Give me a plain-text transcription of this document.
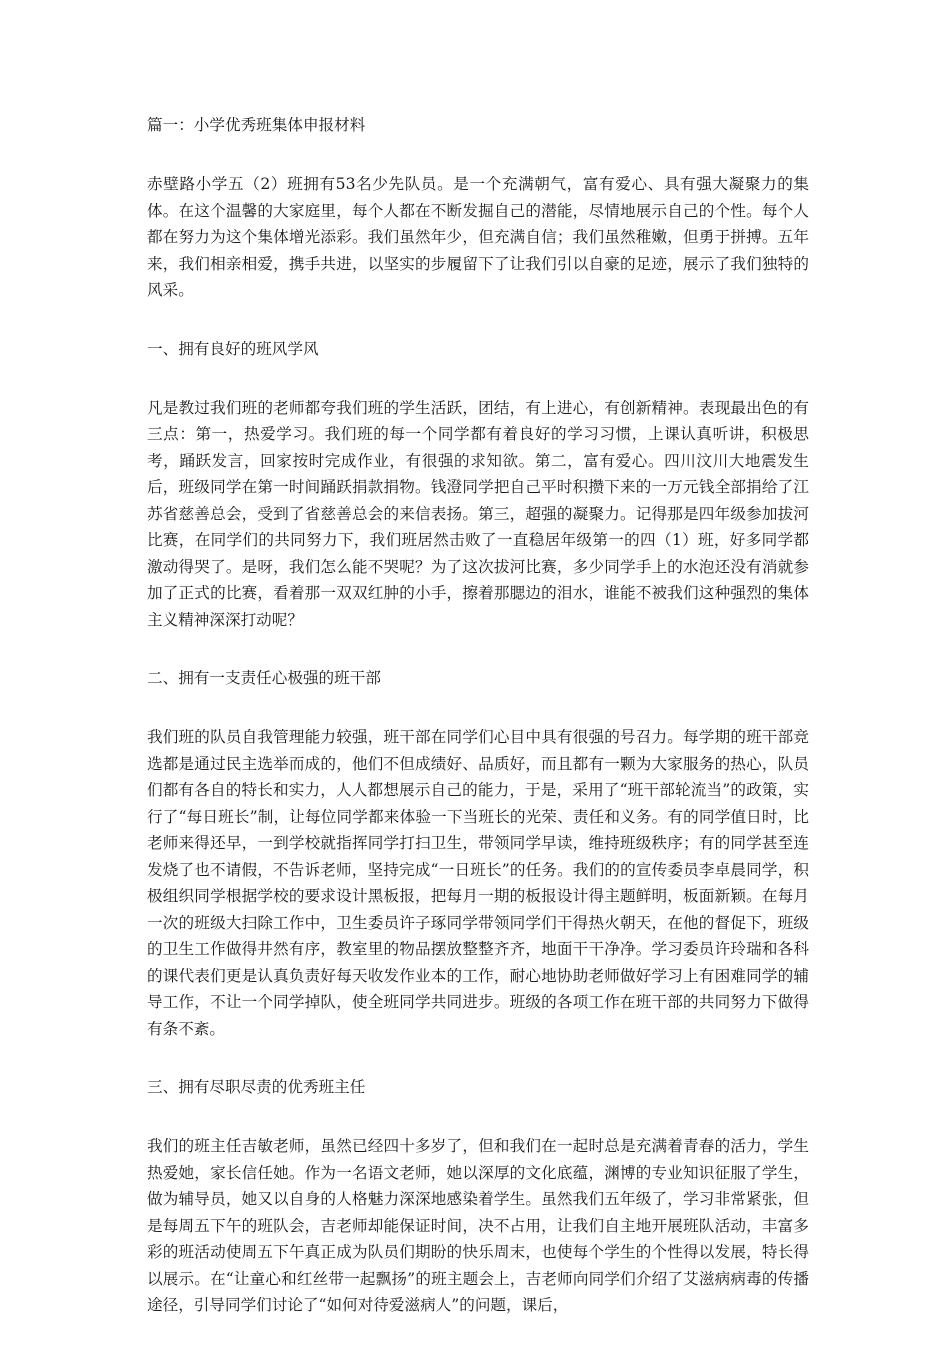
篇一：小学优秀班集体申报材料

赤壁路小学五（2）班拥有53名少先队员。是一个充满朝气，富有爱心、具有强大凝聚力的集体。在这个温馨的大家庭里，每个人都在不断发掘自己的潜能，尽情地展示自己的个性。每个人都在努力为这个集体增光添彩。我们虽然年少，但充满自信；我们虽然稚嫩，但勇于拼搏。五年来，我们相亲相爱，携手共进，以坚实的步履留下了让我们引以自豪的足迹，展示了我们独特的风采。

一、拥有良好的班风学风

凡是教过我们班的老师都夸我们班的学生活跃，团结，有上进心，有创新精神。表现最出色的有三点：第一，热爱学习。我们班的每一个同学都有着良好的学习习惯，上课认真听讲，积极思考，踊跃发言，回家按时完成作业，有很强的求知欲。第二，富有爱心。四川汶川大地震发生后，班级同学在第一时间踊跃捐款捐物。钱澄同学把自己平时积攒下来的一万元钱全部捐给了江苏省慈善总会，受到了省慈善总会的来信表扬。第三，超强的凝聚力。记得那是四年级参加拔河比赛，在同学们的共同努力下，我们班居然击败了一直稳居年级第一的四（1）班，好多同学都激动得哭了。是呀，我们怎么能不哭呢？为了这次拔河比赛，多少同学手上的水泡还没有消就参加了正式的比赛，看着那一双双红肿的小手，擦着那腮边的泪水，谁能不被我们这种强烈的集体主义精神深深打动呢？

二、拥有一支责任心极强的班干部

我们班的队员自我管理能力较强，班干部在同学们心目中具有很强的号召力。每学期的班干部竞选都是通过民主选举而成的，他们不但成绩好、品质好，而且都有一颗为大家服务的热心，队员们都有各自的特长和实力，人人都想展示自己的能力，于是，采用了“班干部轮流当”的政策，实行了“每日班长”制，让每位同学都来体验一下当班长的光荣、责任和义务。有的同学值日时，比老师来得还早，一到学校就指挥同学打扫卫生，带领同学早读，维持班级秩序；有的同学甚至连发烧了也不请假，不告诉老师，坚持完成“一日班长”的任务。我们的的宣传委员李卓晨同学，积极组织同学根据学校的要求设计黑板报，把每月一期的板报设计得主题鲜明，板面新颖。在每月一次的班级大扫除工作中，卫生委员许子琢同学带领同学们干得热火朝天，在他的督促下，班级的卫生工作做得井然有序，教室里的物品摆放整整齐齐，地面干干净净。学习委员许玲瑞和各科的课代表们更是认真负责好每天收发作业本的工作，耐心地协助老师做好学习上有困难同学的辅导工作，不让一个同学掉队，使全班同学共同进步。班级的各项工作在班干部的共同努力下做得有条不紊。

三、拥有尽职尽责的优秀班主任

我们的班主任吉敏老师，虽然已经四十多岁了，但和我们在一起时总是充满着青春的活力，学生热爱她，家长信任她。作为一名语文老师，她以深厚的文化底蕴，渊博的专业知识征服了学生，做为辅导员，她又以自身的人格魅力深深地感染着学生。虽然我们五年级了，学习非常紧张，但是每周五下午的班队会，吉老师却能保证时间，决不占用，让我们自主地开展班队活动，丰富多彩的班活动使周五下午真正成为队员们期盼的快乐周末，也使每个学生的个性得以发展，特长得以展示。在“让童心和红丝带一起飘扬”的班主题会上，吉老师向同学们介绍了艾滋病病毒的传播途径，引导同学们讨论了“如何对待爱滋病人”的问题，课后，
